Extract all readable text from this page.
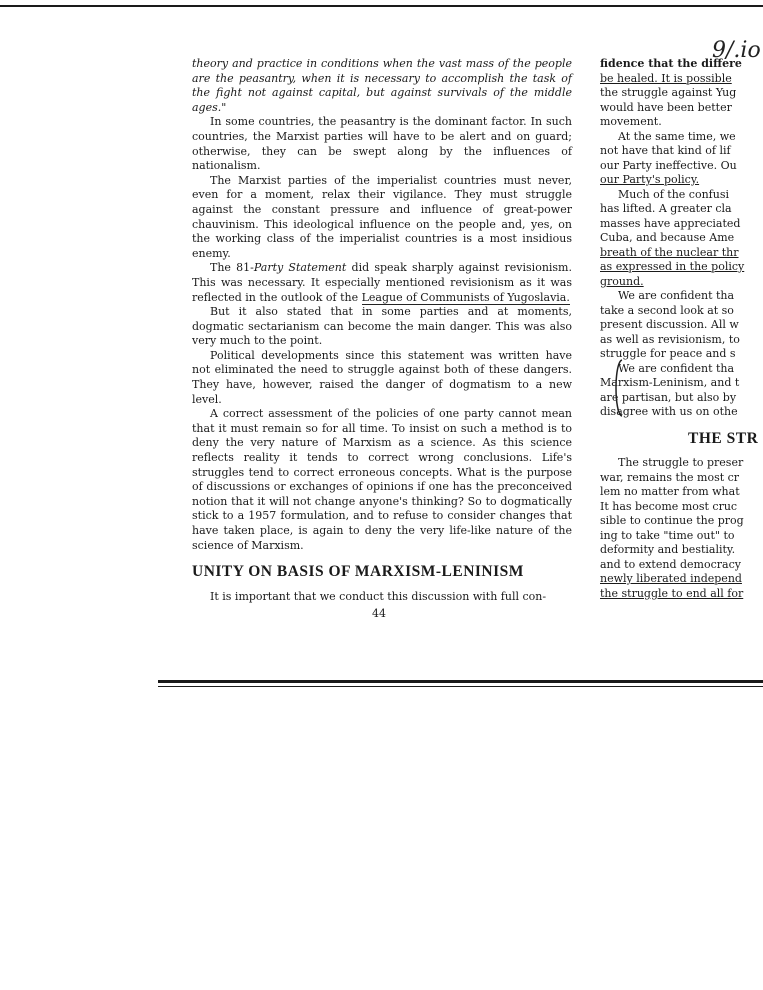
theory and practice in conditions when the vast mass of the people are the peasantry, when it is necessary to accomplish the task of the fight not against capital, but against survivals of the middle ages."

In some countries, the peasantry is the dominant factor. In such countries, the Marxist parties will have to be alert and on guard; otherwise, they can be swept along by the influences of nationalism.

The Marxist parties of the imperialist countries must never, even for a moment, relax their vigilance. They must struggle against the constant pressure and influence of great-power chauvinism. This ideological influence on the people and, yes, on the working class of the imperialist countries is a most insidious enemy.

The 81-Party Statement did speak sharply against revisionism. This was necessary. It especially mentioned revisionism as it was reflected in the outlook of the League of Communists of Yugoslavia.

But it also stated that in some parties and at moments, dogmatic sectarianism can become the main danger. This was also very much to the point.

Political developments since this statement was written have not eliminated the need to struggle against both of these dangers. They have, however, raised the danger of dogmatism to a new level.

A correct assessment of the policies of one party cannot mean that it must remain so for all time. To insist on such a method is to deny the very nature of Marxism as a science. As this science reflects reality it tends to correct wrong conclusions. Life's struggles tend to correct erroneous concepts. What is the purpose of discussions or exchanges of opinions if one has the preconceived notion that it will not change anyone's thinking? So to dogmatically stick to a 1957 formulation, and to refuse to consider changes that have taken place, is again to deny the very life-like nature of the science of Marxism.

UNITY ON BASIS OF MARXISM-LENINISM

It is important that we conduct this discussion with full con-

44
9/.io

fidence that the differe

be healed. It is possible

the struggle against Yug

would have been better

movement.

At the same time, we

not have that kind of lif

our Party ineffective. Ou

our Party's policy.

Much of the confusi

has lifted. A greater cla

masses have appreciated

Cuba, and because Ame

breath of the nuclear thr

as expressed in the policy

ground.

We are confident tha

take a second look at so

present discussion. All w

as well as revisionism, to

struggle for peace and s

We are confident tha

Marxism-Leninism, and t

are partisan, but also by

disagree with us on othe

THE STR

The struggle to preser

war, remains the most cr

lem no matter from what

It has become most cruc

sible to continue the prog

ing to take "time out" to

deformity and bestiality.

and to extend democracy

newly liberated independ

the struggle to end all for
